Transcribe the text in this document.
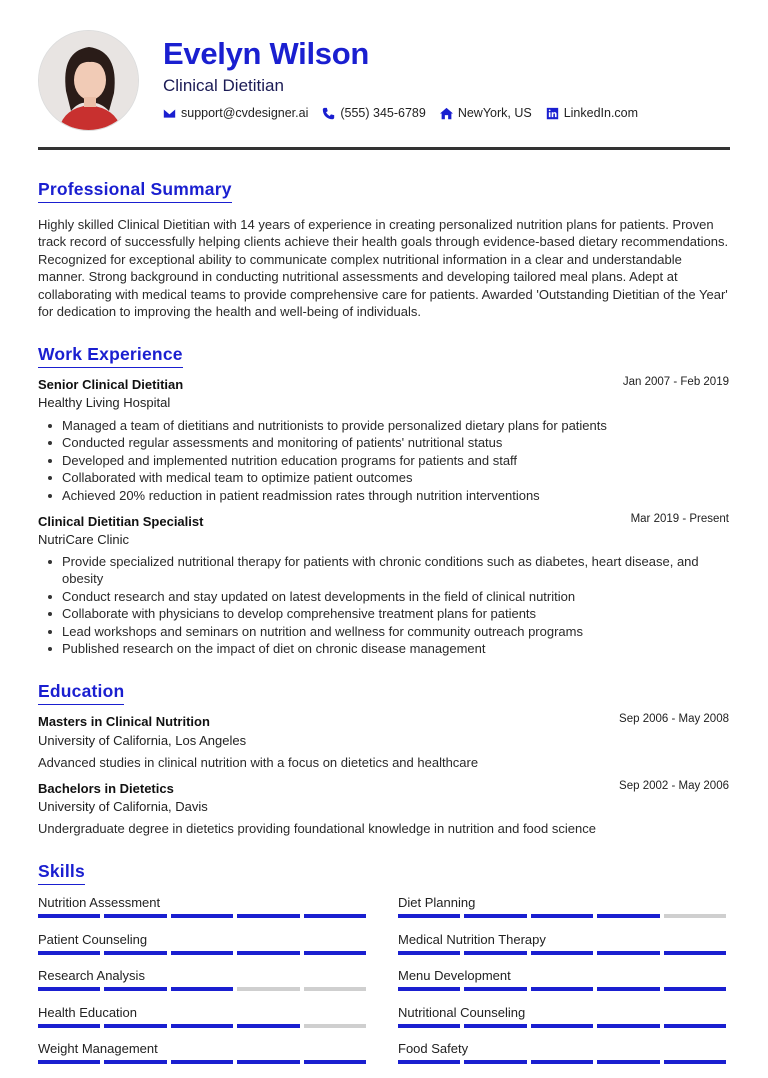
Evelyn Wilson
Clinical Dietitian
support@cvdesigner.ai	(555) 345-6789	NewYork, US	LinkedIn.com
Professional Summary
Highly skilled Clinical Dietitian with 14 years of experience in creating personalized nutrition plans for patients. Proven track record of successfully helping clients achieve their health goals through evidence-based dietary recommendations. Recognized for exceptional ability to communicate complex nutritional information in a clear and understandable manner. Strong background in conducting nutritional assessments and developing tailored meal plans. Adept at collaborating with medical teams to provide comprehensive care for patients. Awarded 'Outstanding Dietitian of the Year' for dedication to improving the health and well-being of individuals.
Work Experience
Senior Clinical Dietitian	Jan 2007 - Feb 2019
Healthy Living Hospital
Managed a team of dietitians and nutritionists to provide personalized dietary plans for patients
Conducted regular assessments and monitoring of patients' nutritional status
Developed and implemented nutrition education programs for patients and staff
Collaborated with medical team to optimize patient outcomes
Achieved 20% reduction in patient readmission rates through nutrition interventions
Clinical Dietitian Specialist	Mar 2019 - Present
NutriCare Clinic
Provide specialized nutritional therapy for patients with chronic conditions such as diabetes, heart disease, and obesity
Conduct research and stay updated on latest developments in the field of clinical nutrition
Collaborate with physicians to develop comprehensive treatment plans for patients
Lead workshops and seminars on nutrition and wellness for community outreach programs
Published research on the impact of diet on chronic disease management
Education
Masters in Clinical Nutrition	Sep 2006 - May 2008
University of California, Los Angeles
Advanced studies in clinical nutrition with a focus on dietetics and healthcare
Bachelors in Dietetics	Sep 2002 - May 2006
University of California, Davis
Undergraduate degree in dietetics providing foundational knowledge in nutrition and food science
Skills
Nutrition Assessment	Diet Planning
Patient Counseling	Medical Nutrition Therapy
Research Analysis	Menu Development
Health Education	Nutritional Counseling
Weight Management	Food Safety
